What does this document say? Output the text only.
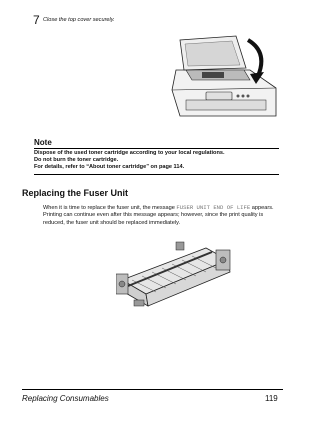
7 Close the top cover securely.
Note
Dispose of the used toner cartridge according to your local regulations.
Do not burn the toner cartridge.
For details, refer to “About toner cartridge” on page 114.
Replacing the Fuser Unit
When it is time to replace the fuser unit, the message FUSER UNIT END OF LIFE appears. Printing can continue even after this message appears; however, since the print quality is reduced, the fuser unit should be replaced immediately.
Replacing Consumables	119
